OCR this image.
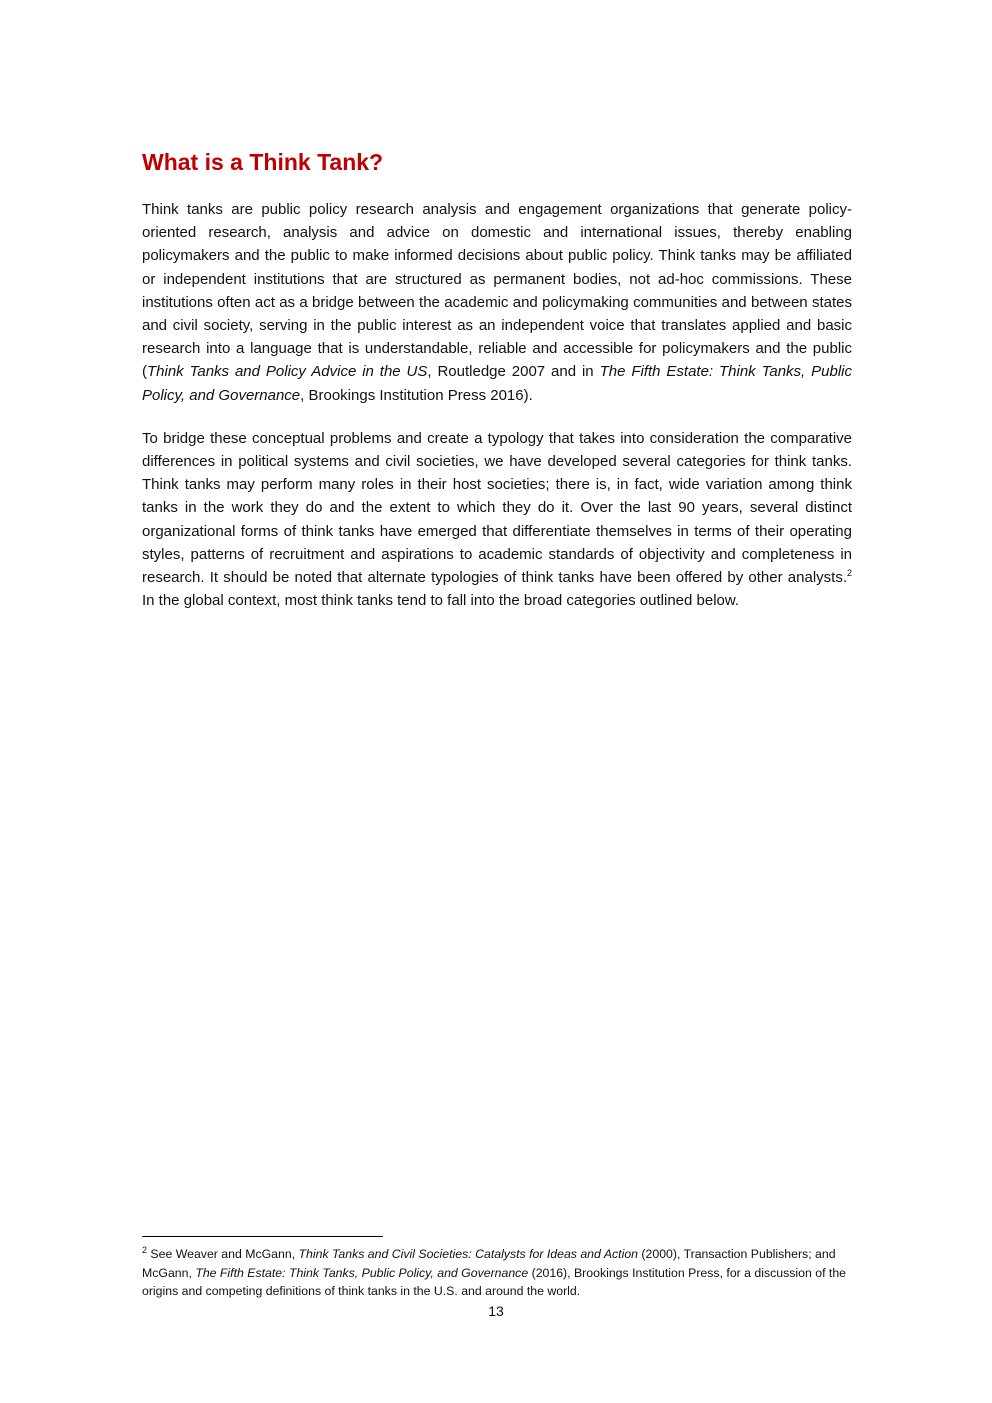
What is a Think Tank?

Think tanks are public policy research analysis and engagement organizations that generate policy-oriented research, analysis and advice on domestic and international issues, thereby enabling policymakers and the public to make informed decisions about public policy. Think tanks may be affiliated or independent institutions that are structured as permanent bodies, not ad-hoc commissions. These institutions often act as a bridge between the academic and policymaking communities and between states and civil society, serving in the public interest as an independent voice that translates applied and basic research into a language that is understandable, reliable and accessible for policymakers and the public (Think Tanks and Policy Advice in the US, Routledge 2007 and in The Fifth Estate: Think Tanks, Public Policy, and Governance, Brookings Institution Press 2016).

To bridge these conceptual problems and create a typology that takes into consideration the comparative differences in political systems and civil societies, we have developed several categories for think tanks. Think tanks may perform many roles in their host societies; there is, in fact, wide variation among think tanks in the work they do and the extent to which they do it. Over the last 90 years, several distinct organizational forms of think tanks have emerged that differentiate themselves in terms of their operating styles, patterns of recruitment and aspirations to academic standards of objectivity and completeness in research. It should be noted that alternate typologies of think tanks have been offered by other analysts.$^2$ In the global context, most think tanks tend to fall into the broad categories outlined below.

$^2$ See Weaver and McGann, Think Tanks and Civil Societies: Catalysts for Ideas and Action (2000), Transaction Publishers; and McGann, The Fifth Estate: Think Tanks, Public Policy, and Governance (2016), Brookings Institution Press, for a discussion of the origins and competing definitions of think tanks in the U.S. and around the world.

13
